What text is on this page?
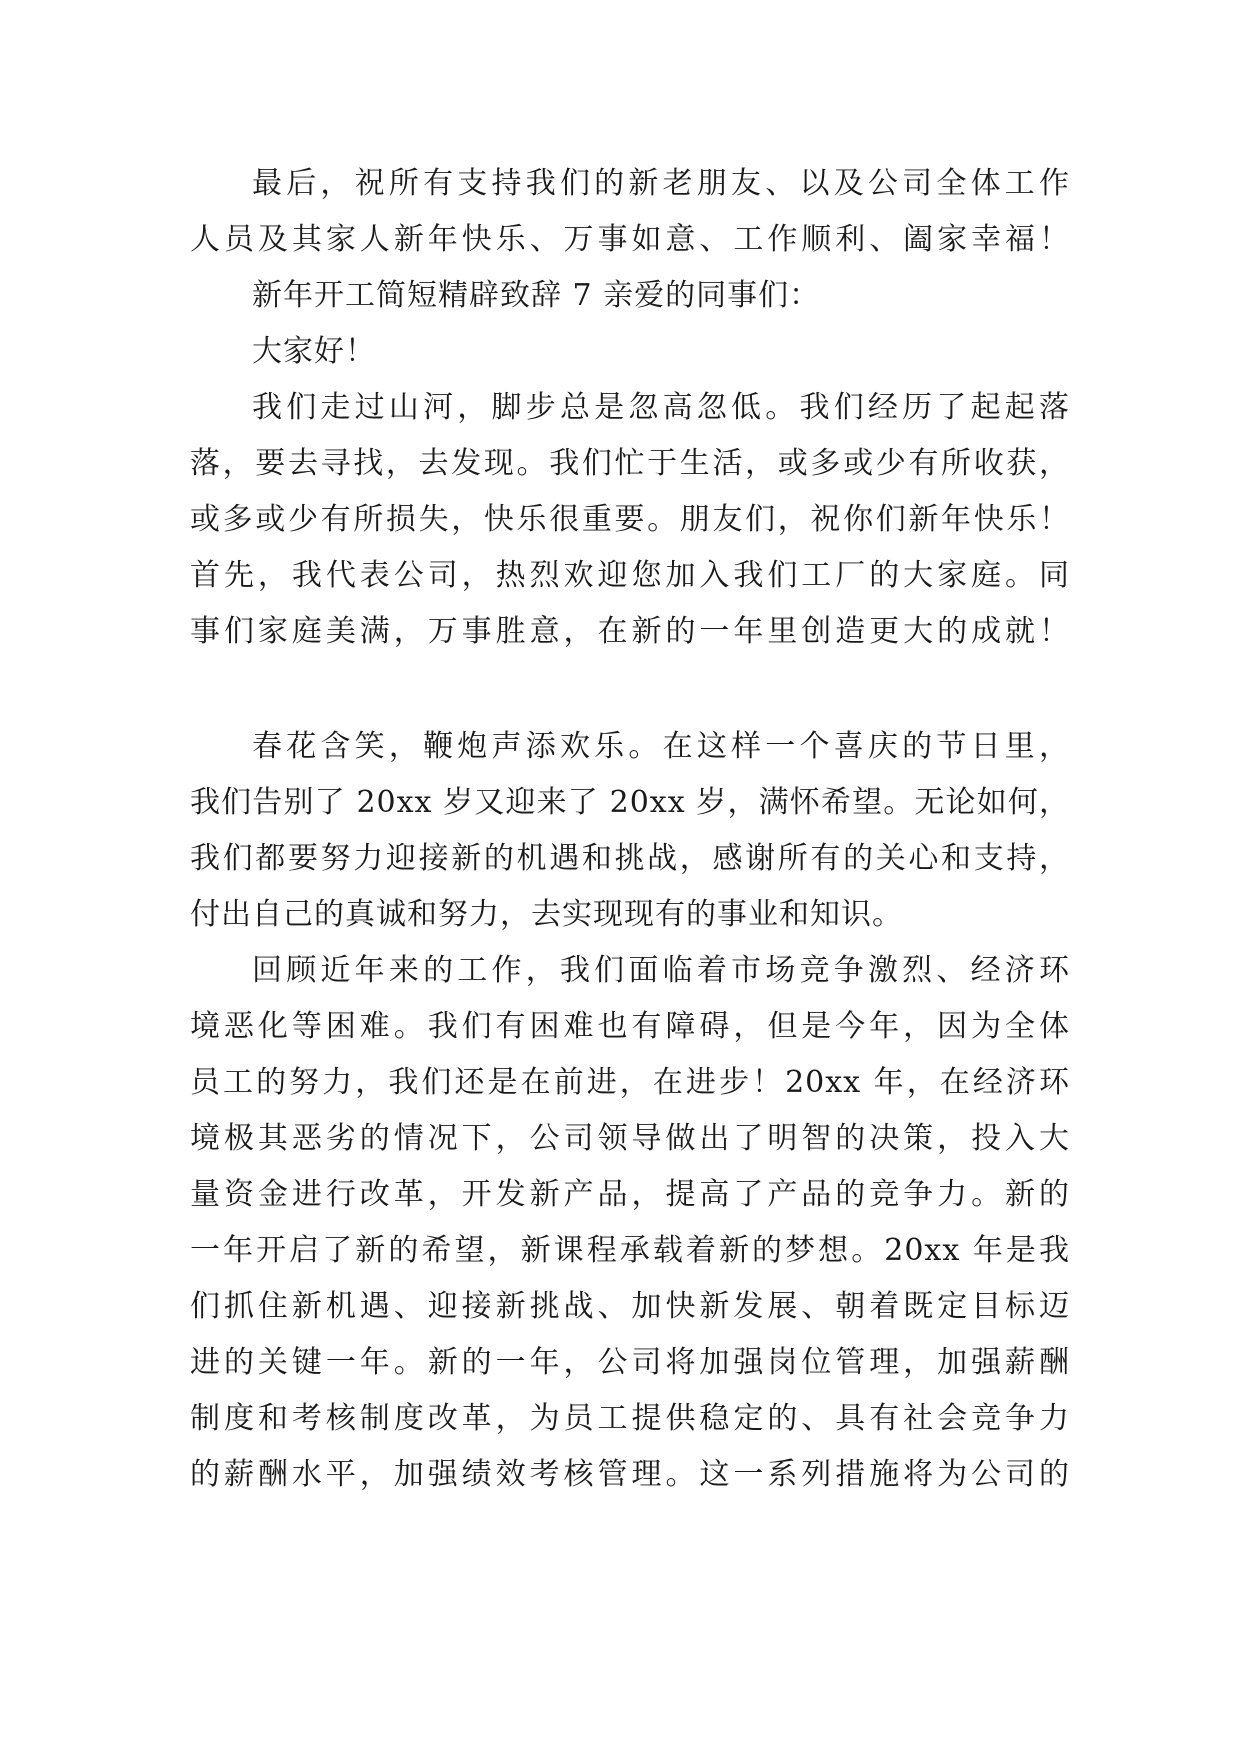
最后，祝所有支持我们的新老朋友、以及公司全体工作

人员及其家人新年快乐、万事如意、工作顺利、阖家幸福！

新年开工简短精辟致辞 7 亲爱的同事们：

大家好！

我们走过山河，脚步总是忽高忽低。我们经历了起起落

落，要去寻找，去发现。我们忙于生活，或多或少有所收获，

或多或少有所损失，快乐很重要。朋友们，祝你们新年快乐！

首先，我代表公司，热烈欢迎您加入我们工厂的大家庭。同

事们家庭美满，万事胜意，在新的一年里创造更大的成就！

春花含笑，鞭炮声添欢乐。在这样一个喜庆的节日里，

我们告别了 20xx 岁又迎来了 20xx 岁，满怀希望。无论如何，

我们都要努力迎接新的机遇和挑战，感谢所有的关心和支持，

付出自己的真诚和努力，去实现现有的事业和知识。

回顾近年来的工作，我们面临着市场竞争激烈、经济环

境恶化等困难。我们有困难也有障碍，但是今年，因为全体

员工的努力，我们还是在前进，在进步！20xx 年，在经济环

境极其恶劣的情况下，公司领导做出了明智的决策，投入大

量资金进行改革，开发新产品，提高了产品的竞争力。新的

一年开启了新的希望，新课程承载着新的梦想。20xx 年是我

们抓住新机遇、迎接新挑战、加快新发展、朝着既定目标迈

进的关键一年。新的一年，公司将加强岗位管理，加强薪酬

制度和考核制度改革，为员工提供稳定的、具有社会竞争力

的薪酬水平，加强绩效考核管理。这一系列措施将为公司的
